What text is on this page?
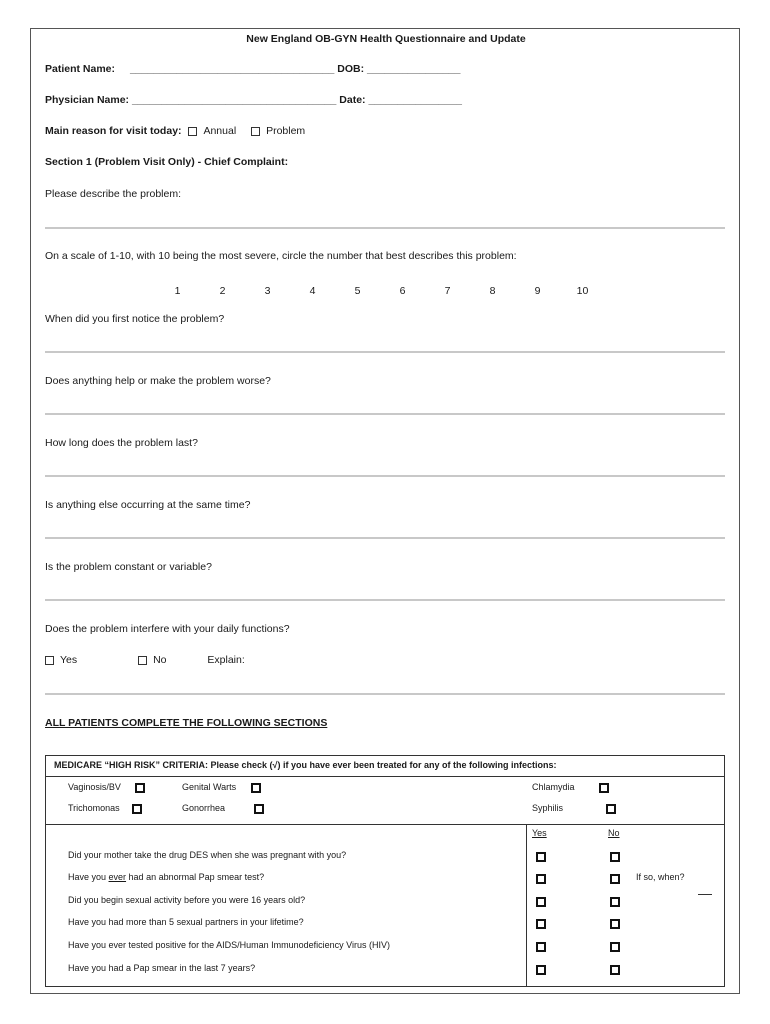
New England OB-GYN Health Questionnaire and Update
Patient Name: ___________________________________ DOB: ________________
Physician Name: ___________________________________ Date: ________________
Main reason for visit today: Annual	Problem
Section 1 (Problem Visit Only) - Chief Complaint:
Please describe the problem:
On a scale of 1-10, with 10 being the most severe, circle the number that best describes this problem:
1	2	3	4	5	6	7	8	9	10
When did you first notice the problem?
Does anything help or make the problem worse?
How long does the problem last?
Is anything else occurring at the same time?
Is the problem constant or variable?
Does the problem interfere with your daily functions?
Yes	No	Explain:
ALL PATIENTS COMPLETE THE FOLLOWING SECTIONS
MEDICARE “HIGH RISK” CRITERIA: Please check (√) if you have ever been treated for any of the following infections:
Vaginosis/BV	Genital Warts	Chlamydia
Trichomonas	Gonorrhea	Syphilis
Yes	No
Did your mother take the drug DES when she was pregnant with you?
Have you ever had an abnormal Pap smear test?	If so, when?
Did you begin sexual activity before you were 16 years old?
Have you had more than 5 sexual partners in your lifetime?
Have you ever tested positive for the AIDS/Human Immunodeficiency Virus (HIV)
Have you had a Pap smear in the last 7 years?
